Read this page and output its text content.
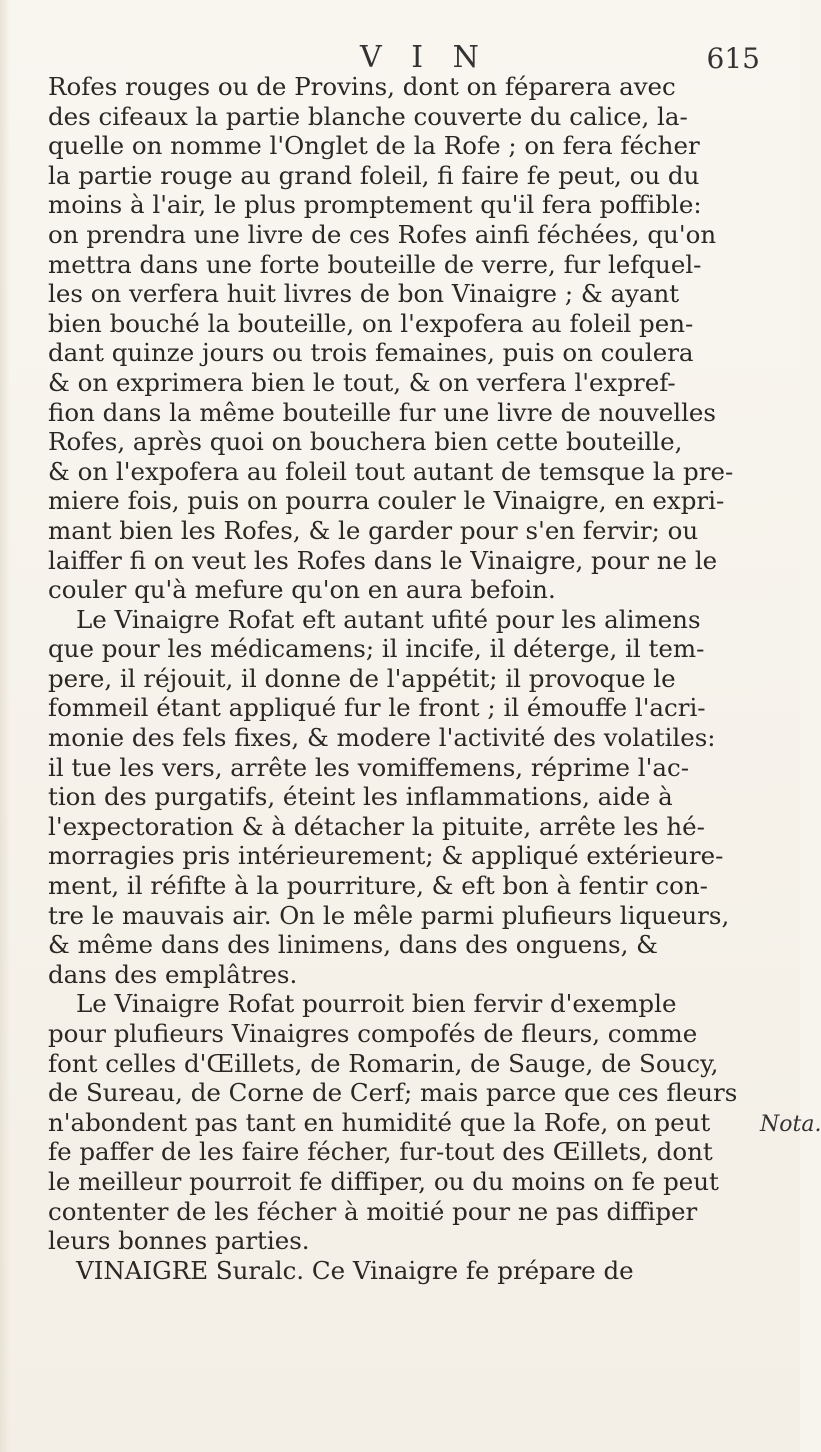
V I N	615
Rofes rouges ou de Provins, dont on féparera avec
des cifeaux la partie blanche couverte du calice, la-
quelle on nomme l'Onglet de la Rofe ; on fera fécher
la partie rouge au grand foleil, fi faire fe peut, ou du
moins à l'air, le plus promptement qu'il fera poffible:
on prendra une livre de ces Rofes ainfi féchées, qu'on
mettra dans une forte bouteille de verre, fur lefquel-
les on verfera huit livres de bon Vinaigre ; & ayant
bien bouché la bouteille, on l'expofera au foleil pen-
dant quinze jours ou trois femaines, puis on coulera
& on exprimera bien le tout, & on verfera l'expref-
fion dans la même bouteille fur une livre de nouvelles
Rofes, après quoi on bouchera bien cette bouteille,
& on l'expofera au foleil tout autant de temsque la pre-
miere fois, puis on pourra couler le Vinaigre, en expri-
mant bien les Rofes, & le garder pour s'en fervir; ou
laiffer fi on veut les Rofes dans le Vinaigre, pour ne le
couler qu'à mefure qu'on en aura befoin.
Le Vinaigre Rofat eft autant ufité pour les alimens
que pour les médicamens; il incife, il déterge, il tem-
pere, il réjouit, il donne de l'appétit; il provoque le
fommeil étant appliqué fur le front ; il émouffe l'acri-
monie des fels fixes, & modere l'activité des volatiles:
il tue les vers, arrête les vomiffemens, réprime l'ac-
tion des purgatifs, éteint les inflammations, aide à
l'expectoration & à détacher la pituite, arrête les hé-
morragies pris intérieurement; & appliqué extérieure-
ment, il réfifte à la pourriture, & eft bon à fentir con-
tre le mauvais air. On le mêle parmi plufieurs liqueurs,
& même dans des linimens, dans des onguens, &
dans des emplâtres.
Le Vinaigre Rofat pourroit bien fervir d'exemple
pour plufieurs Vinaigres compofés de fleurs, comme
font celles d'Œillets, de Romarin, de Sauge, de Soucy,
de Sureau, de Corne de Cerf; mais parce que ces fleurs
n'abondent pas tant en humidité que la Rofe, on peut
fe paffer de les faire fécher, fur-tout des Œillets, dont
le meilleur pourroit fe diffiper, ou du moins on fe peut
contenter de les fécher à moitié pour ne pas diffiper
leurs bonnes parties.
VINAIGRE Suralc. Ce Vinaigre fe prépare de
Nota.
